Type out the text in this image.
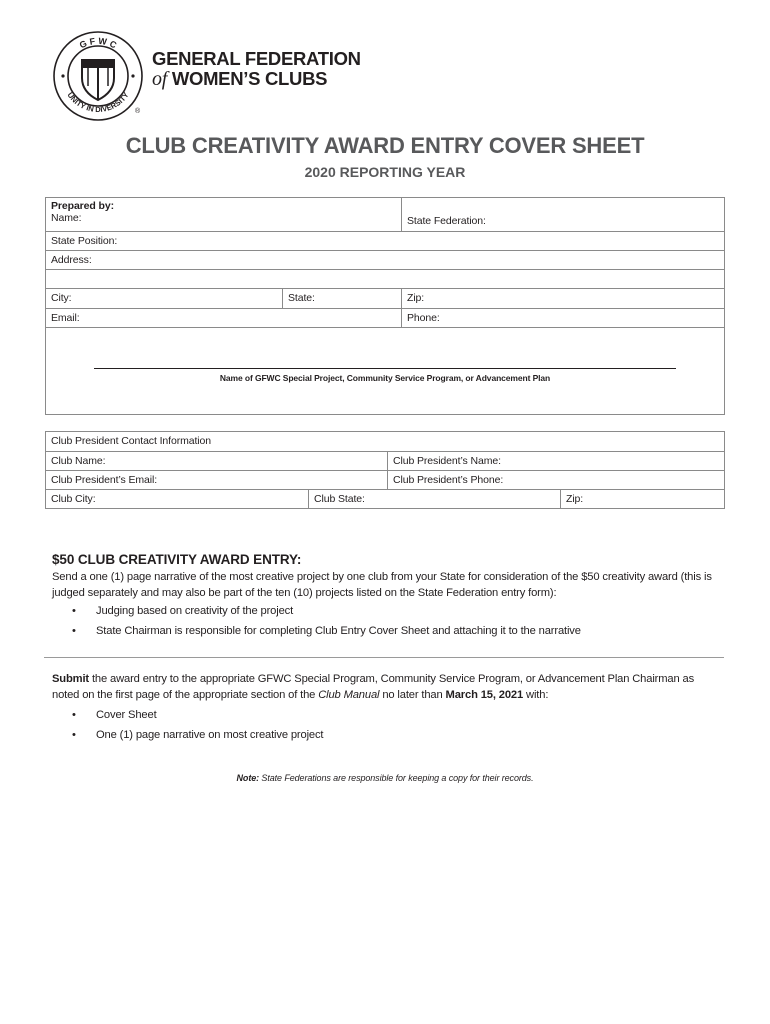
G F W C
UNITY IN DIVERSITY
GENERAL FEDERATION
of WOMEN’S CLUBS
®
CLUB CREATIVITY AWARD ENTRY COVER SHEET
2020 REPORTING YEAR
Prepared by:
Name:	State Federation:
State Position:
Address:
City:	State:	Zip:
Email:	Phone:
Name of GFWC Special Project, Community Service Program, or Advancement Plan
Club President Contact Information
Club Name:	Club President’s Name:
Club President’s Email:	Club President’s Phone:
Club City:	Club State:	Zip:
$50 CLUB CREATIVITY AWARD ENTRY:
Send a one (1) page narrative of the most creative project by one club from your State for consideration of the $50 creativity award (this is judged separately and may also be part of the ten (10) projects listed on the State Federation entry form):
• Judging based on creativity of the project
• State Chairman is responsible for completing Club Entry Cover Sheet and attaching it to the narrative
Submit the award entry to the appropriate GFWC Special Program, Community Service Program, or Advancement Plan Chairman as noted on the first page of the appropriate section of the Club Manual no later than March 15, 2021 with:
• Cover Sheet
• One (1) page narrative on most creative project
Note: State Federations are responsible for keeping a copy for their records.
